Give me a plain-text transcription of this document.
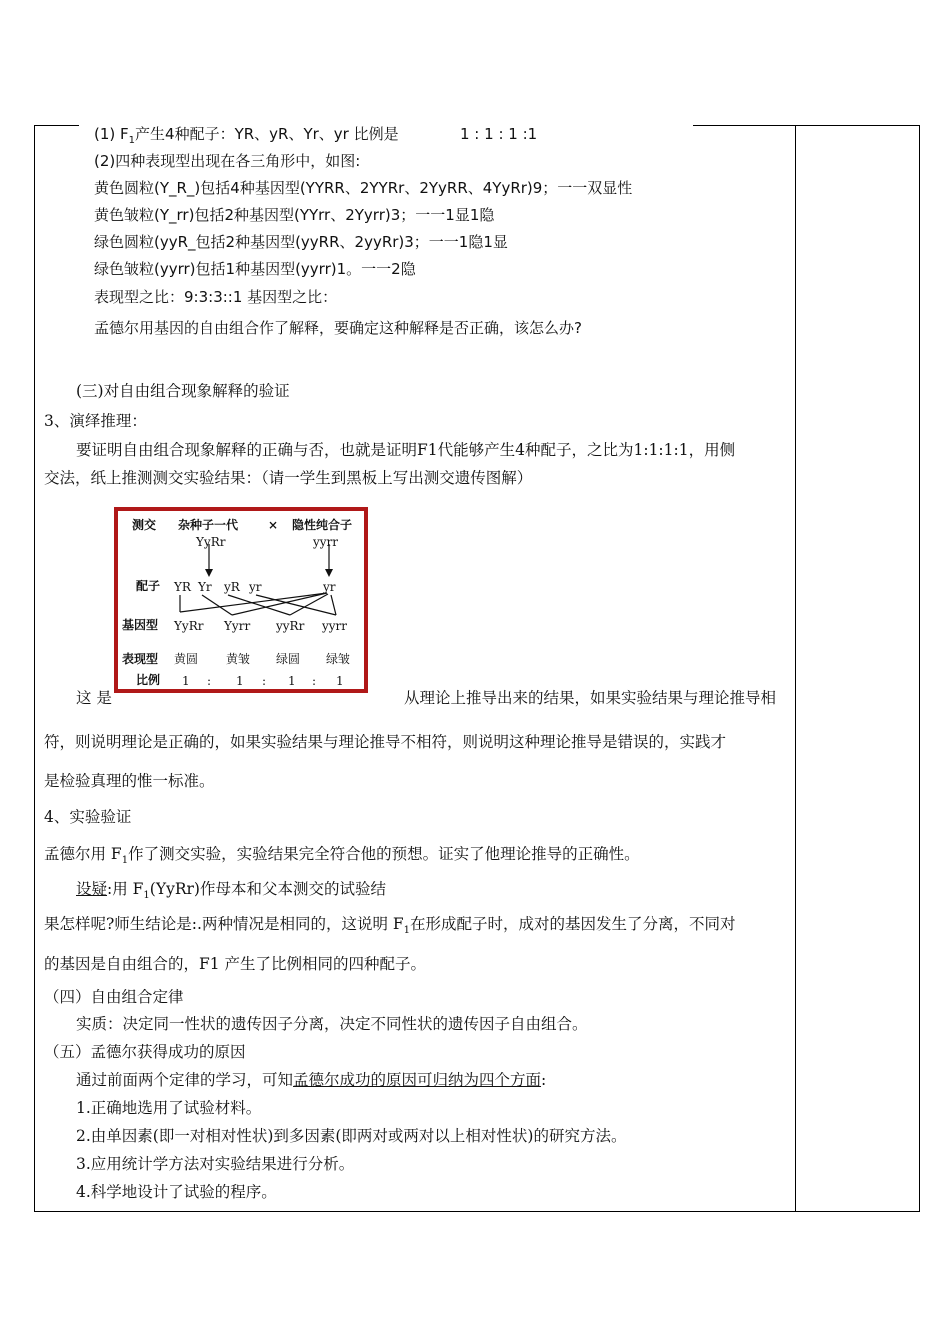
(1) $F_1$产生4种配子：YR、yR、Yr、yr 比例是	1 : 1 : 1 :1
(2)四种表现型出现在各三角形中，如图:
黄色圆粒(Y_R_)包括4种基因型(YYRR、2YYRr、2YyRR、4YyRr)9；一一双显性
黄色皱粒(Y_rr)包括2种基因型(YYrr、2Yyrr)3；一一1显1隐
绿色圆粒(yyR_包括2种基因型(yyRR、2yyRr)3；一一1隐1显
绿色皱粒(yyrr)包括1种基因型(yyrr)1。一一2隐
表现型之比：9:3:3::1 基因型之比：
孟德尔用基因的自由组合作了解释，要确定这种解释是否正确，该怎么办?
(三)对自由组合现象解释的验证
3、演绎推理：
要证明自由组合现象解释的正确与否，也就是证明F1代能够产生4种配子，之比为1:1:1:1，用侧
交法，纸上推测测交实验结果：（请一学生到黑板上写出测交遗传图解）
测交 杂种子一代 × 隐性纯合子
YyRr	yyrr
配子 YR Yr yR yr	yr
基因型 YyRr Yyrr yyRr yyrr
表现型 黄圆 黄皱 绿圆 绿皱
比例 1 : 1 : 1 : 1
这 是	从理论上推导出来的结果，如果实验结果与理论推导相
符，则说明理论是正确的，如果实验结果与理论推导不相符，则说明这种理论推导是错误的，实践才
是检验真理的惟一标准。
4、实验验证
孟德尔用 $F_1$作了测交实验，实验结果完全符合他的预想。证实了他理论推导的正确性。
设疑:用 $F_1(YyRr)$作母本和父本测交的试验结
果怎样呢?师生结论是:.两种情况是相同的，这说明 $F_1$在形成配子时，成对的基因发生了分离，不同对
的基因是自由组合的，F1 产生了比例相同的四种配子。
（四）自由组合定律
实质：决定同一性状的遗传因子分离，决定不同性状的遗传因子自由组合。
（五）孟德尔获得成功的原因
通过前面两个定律的学习，可知孟德尔成功的原因可归纳为四个方面:
1.正确地选用了试验材料。
2.由单因素(即一对相对性状)到多因素(即两对或两对以上相对性状)的研究方法。
3.应用统计学方法对实验结果进行分析。
4.科学地设计了试验的程序。
